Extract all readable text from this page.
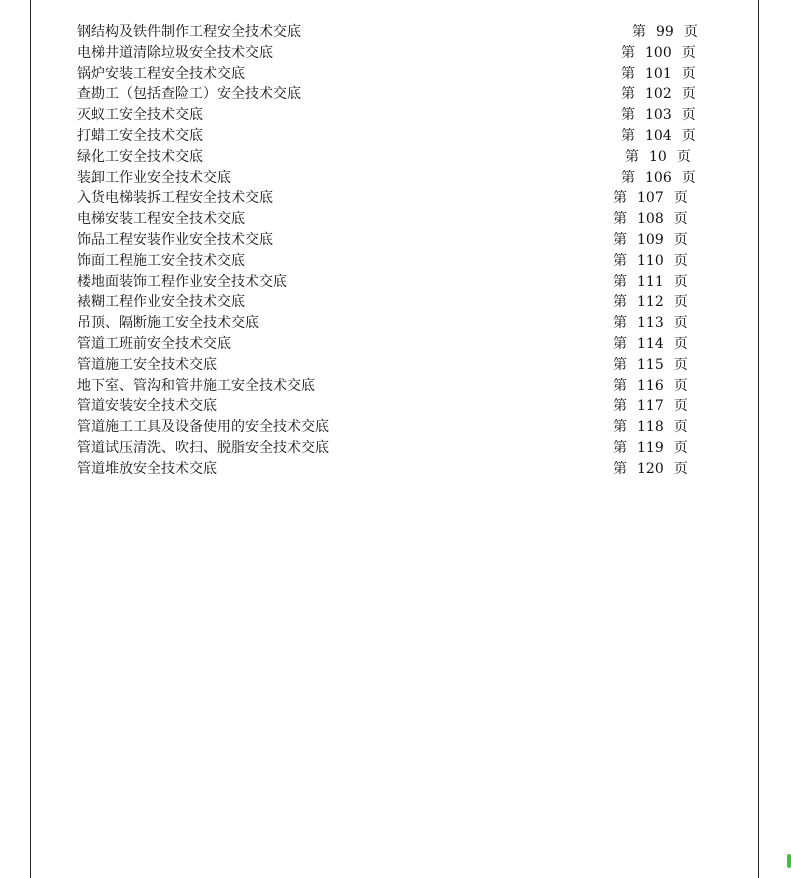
钢结构及铁件制作工程安全技术交底	第 99 页
电梯井道清除垃圾安全技术交底	第 100 页
锅炉安装工程安全技术交底	第 101 页
查勘工（包括查险工）安全技术交底	第 102 页
灭蚁工安全技术交底	第 103 页
打蜡工安全技术交底	第 104 页
绿化工安全技术交底	第 10 页
装卸工作业安全技术交底	第 106 页
入货电梯装拆工程安全技术交底	第 107 页
电梯安装工程安全技术交底	第 108 页
饰品工程安装作业安全技术交底	第 109 页
饰面工程施工安全技术交底	第 110 页
楼地面装饰工程作业安全技术交底	第 111 页
裱糊工程作业安全技术交底	第 112 页
吊顶、隔断施工安全技术交底	第 113 页
管道工班前安全技术交底	第 114 页
管道施工安全技术交底	第 115 页
地下室、管沟和管井施工安全技术交底	第 116 页
管道安装安全技术交底	第 117 页
管道施工工具及设备使用的安全技术交底	第 118 页
管道试压清洗、吹扫、脱脂安全技术交底	第 119 页
管道堆放安全技术交底	第 120 页
